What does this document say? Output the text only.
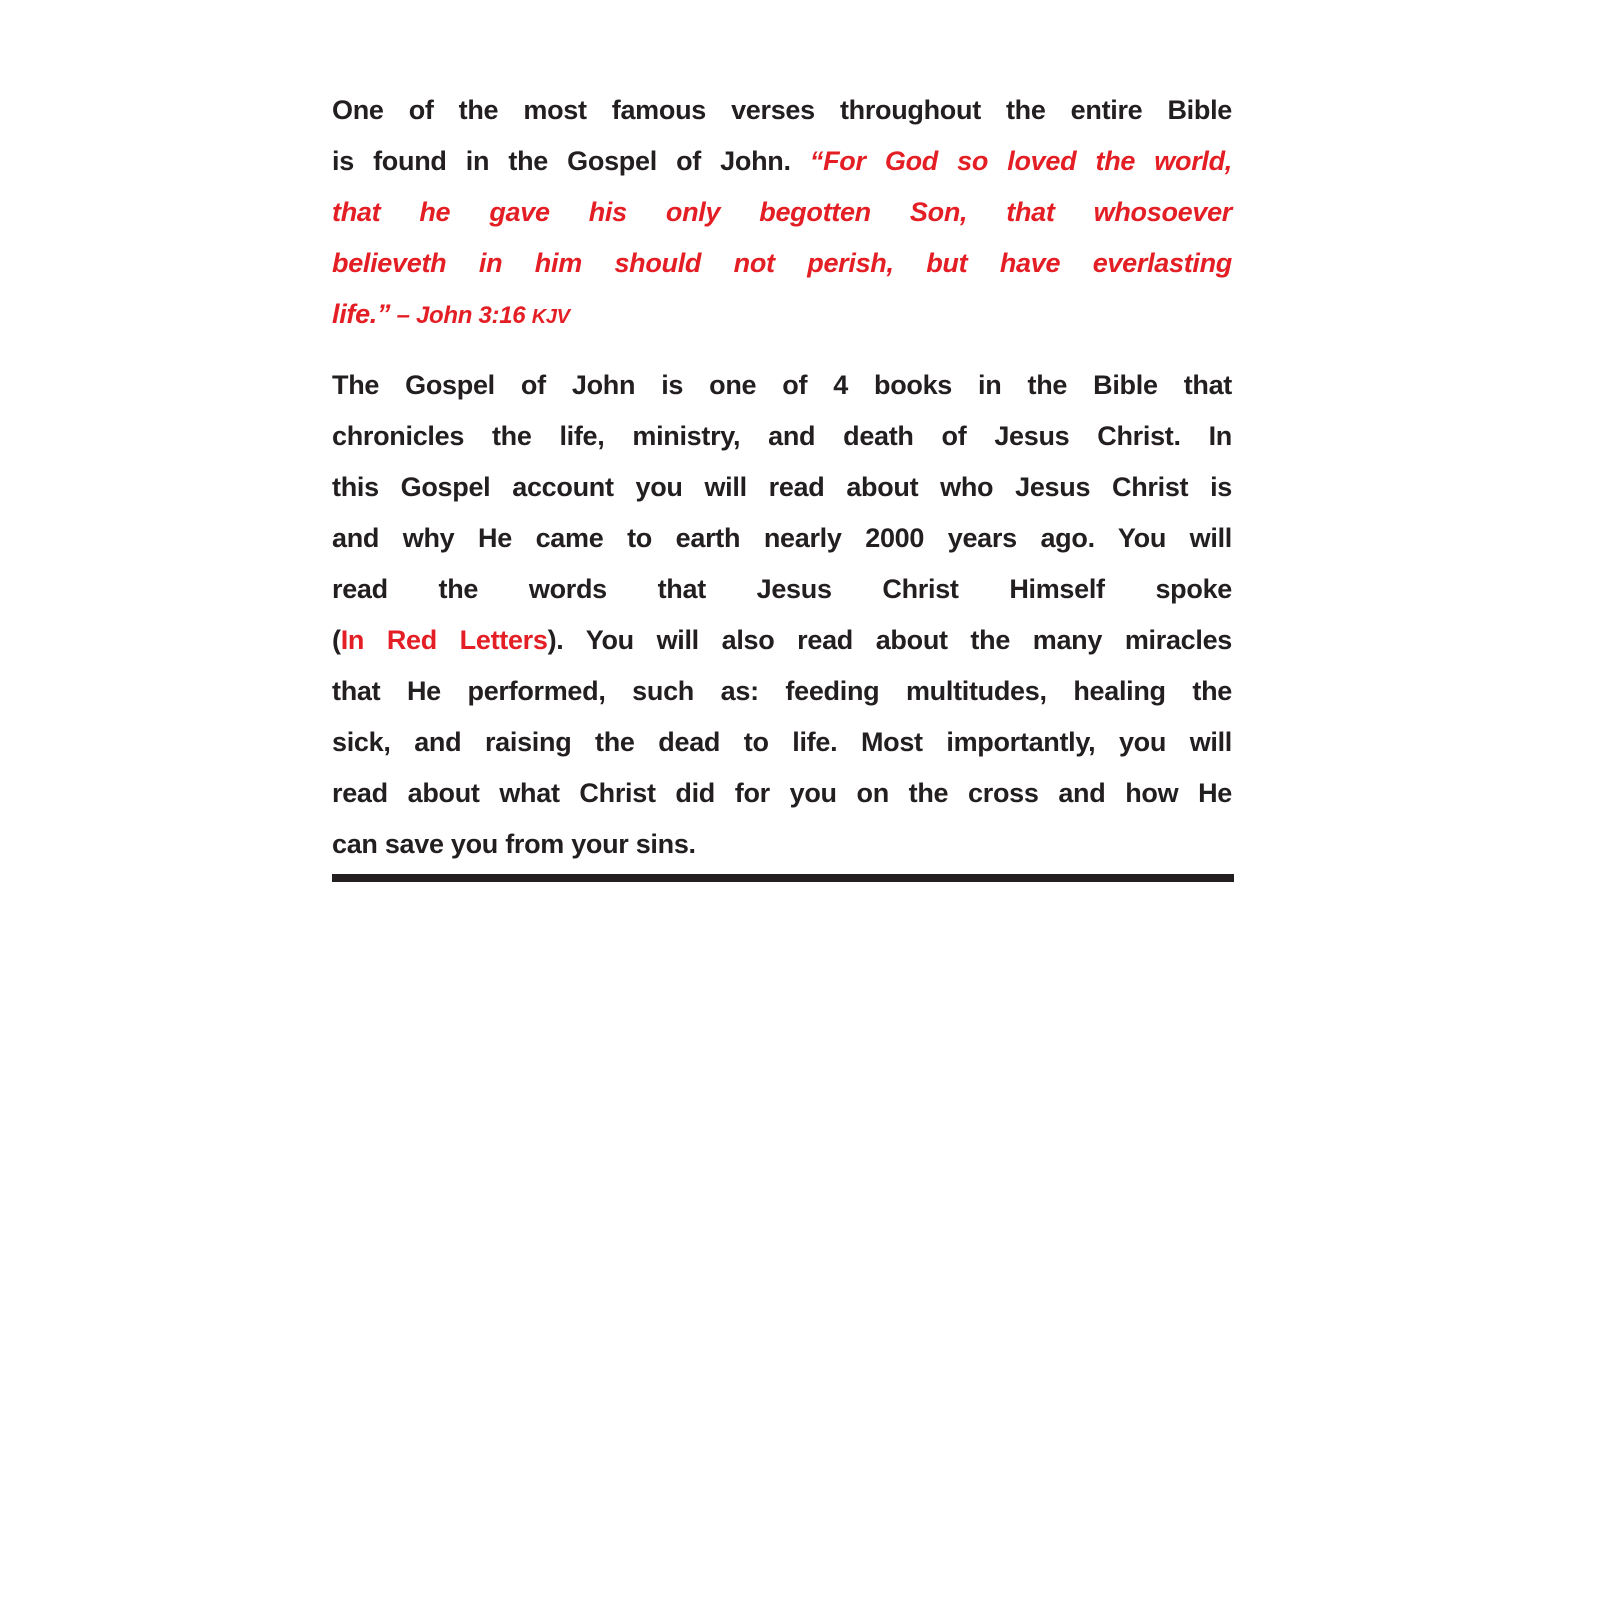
One of the most famous verses throughout the entire Bible
is found in the Gospel of John. “For God so loved the world,
that he gave his only begotten Son, that whosoever
believeth in him should not perish, but have everlasting
life.” – John 3:16 KJV
The Gospel of John is one of 4 books in the Bible that
chronicles the life, ministry, and death of Jesus Christ. In
this Gospel account you will read about who Jesus Christ is
and why He came to earth nearly 2000 years ago. You will
read the words that Jesus Christ Himself spoke
(In Red Letters). You will also read about the many miracles
that He performed, such as: feeding multitudes, healing the
sick, and raising the dead to life. Most importantly, you will
read about what Christ did for you on the cross and how He
can save you from your sins.
